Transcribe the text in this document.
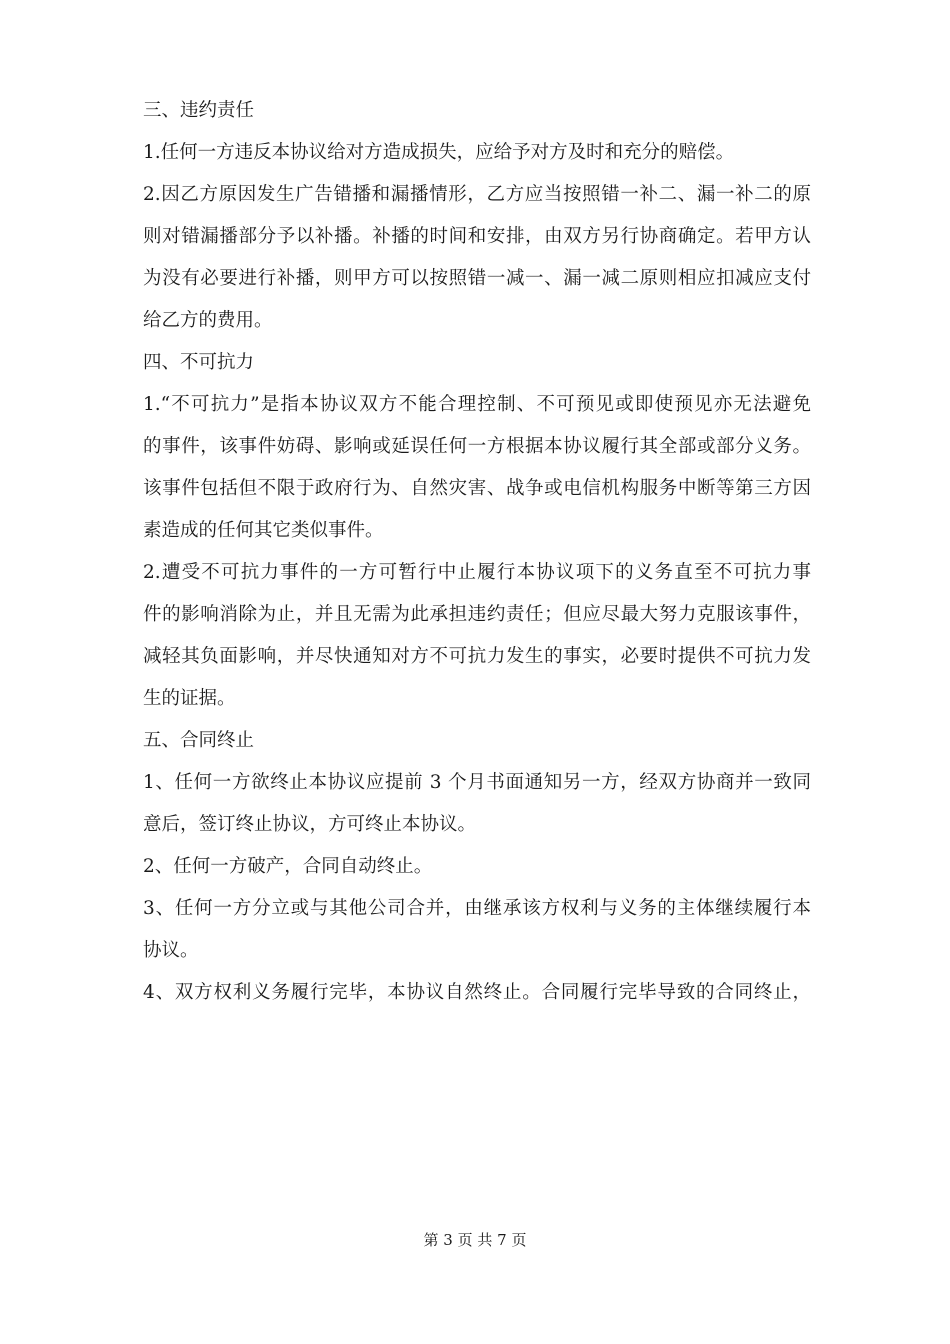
三、违约责任

1.任何一方违反本协议给对方造成损失，应给予对方及时和充分的赔偿。

2.因乙方原因发生广告错播和漏播情形，乙方应当按照错一补二、漏一补二的原

则对错漏播部分予以补播。补播的时间和安排，由双方另行协商确定。若甲方认

为没有必要进行补播，则甲方可以按照错一减一、漏一减二原则相应扣减应支付

给乙方的费用。

四、不可抗力

1.“不可抗力”是指本协议双方不能合理控制、不可预见或即使预见亦无法避免

的事件，该事件妨碍、影响或延误任何一方根据本协议履行其全部或部分义务。

该事件包括但不限于政府行为、自然灾害、战争或电信机构服务中断等第三方因

素造成的任何其它类似事件。

2.遭受不可抗力事件的一方可暂行中止履行本协议项下的义务直至不可抗力事

件的影响消除为止，并且无需为此承担违约责任；但应尽最大努力克服该事件，

减轻其负面影响，并尽快通知对方不可抗力发生的事实，必要时提供不可抗力发

生的证据。

五、合同终止

1、任何一方欲终止本协议应提前 3 个月书面通知另一方，经双方协商并一致同

意后，签订终止协议，方可终止本协议。

2、任何一方破产，合同自动终止。

3、任何一方分立或与其他公司合并，由继承该方权利与义务的主体继续履行本

协议。

4、双方权利义务履行完毕，本协议自然终止。合同履行完毕导致的合同终止，

第 3 页 共 7 页
